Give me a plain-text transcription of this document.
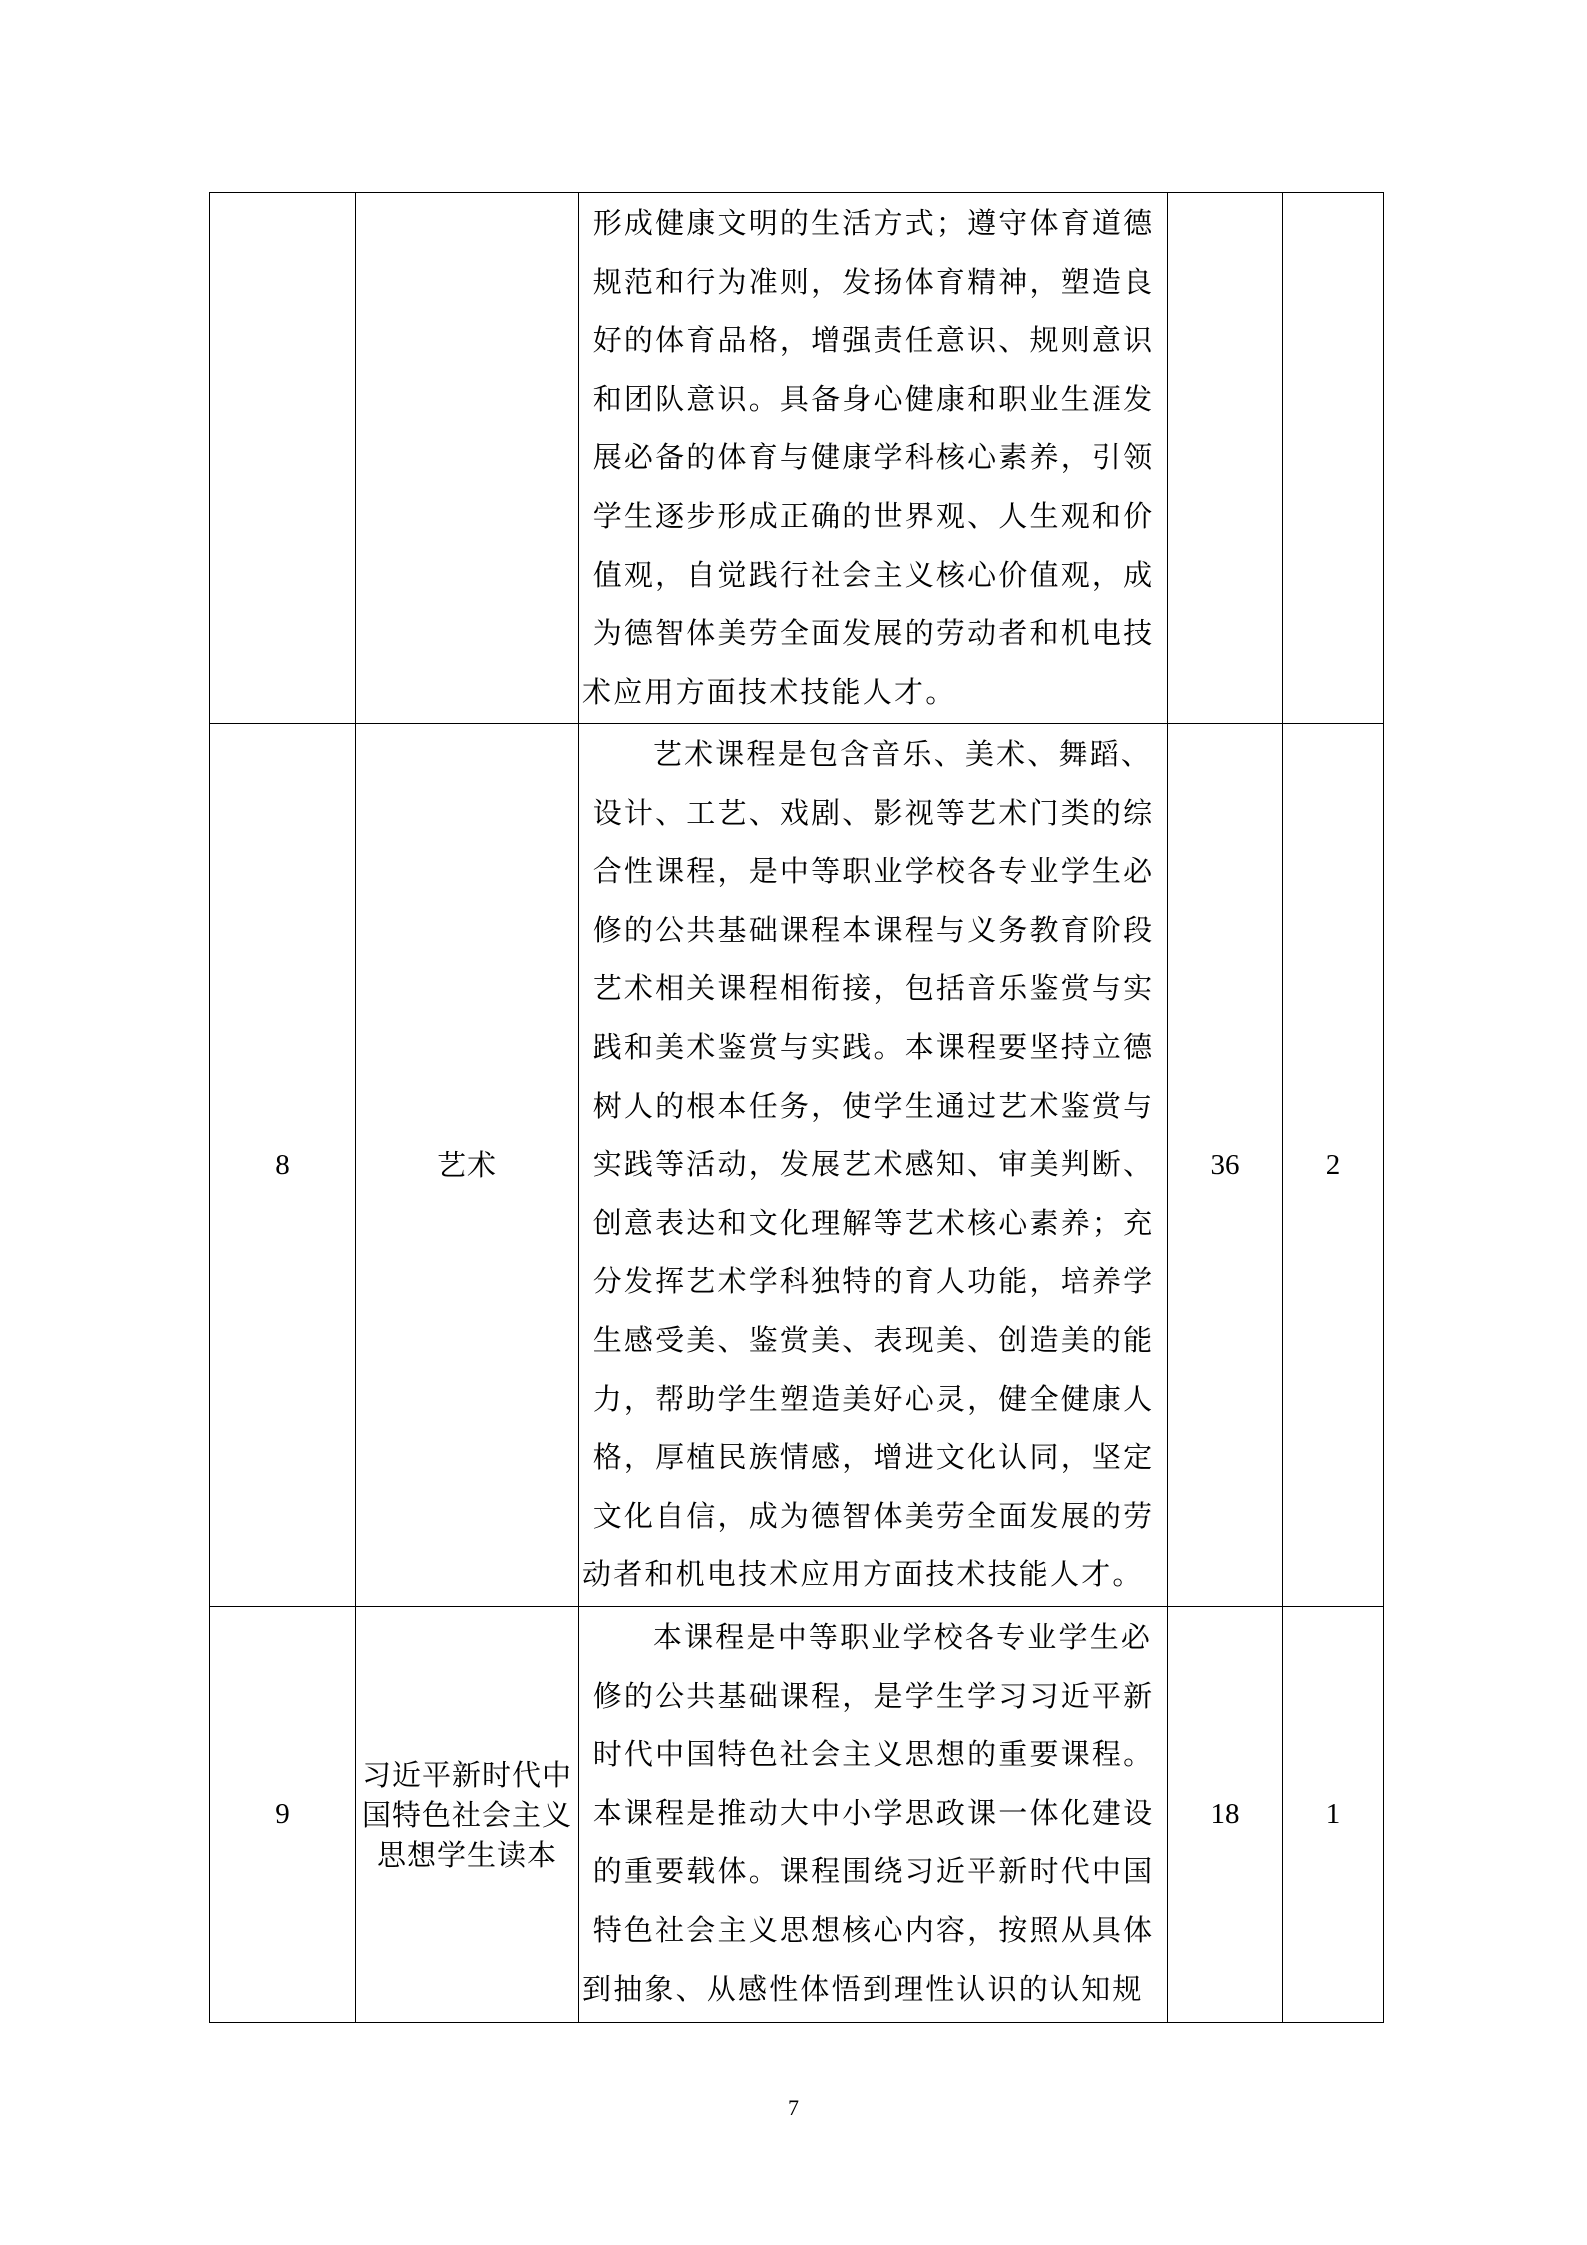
		形成健康文明的生活方式；遵守体育道德规范和行为准则，发扬体育精神，塑造良好的体育品格，增强责任意识、规则意识和团队意识。具备身心健康和职业生涯发展必备的体育与健康学科核心素养，引领学生逐步形成正确的世界观、人生观和价值观，自觉践行社会主义核心价值观，成为德智体美劳全面发展的劳动者和机电技术应用方面技术技能人才。		

8	艺术	艺术课程是包含音乐、美术、舞蹈、设计、工艺、戏剧、影视等艺术门类的综合性课程，是中等职业学校各专业学生必修的公共基础课程本课程与义务教育阶段艺术相关课程相衔接，包括音乐鉴赏与实践和美术鉴赏与实践。本课程要坚持立德树人的根本任务，使学生通过艺术鉴赏与实践等活动，发展艺术感知、审美判断、创意表达和文化理解等艺术核心素养；充分发挥艺术学科独特的育人功能，培养学生感受美、鉴赏美、表现美、创造美的能力，帮助学生塑造美好心灵，健全健康人格，厚植民族情感，增进文化认同，坚定文化自信，成为德智体美劳全面发展的劳动者和机电技术应用方面技术技能人才。	36	2
9	习近平新时代中国特色社会主义思想学生读本	本课程是中等职业学校各专业学生必修的公共基础课程，是学生学习习近平新时代中国特色社会主义思想的重要课程。本课程是推动大中小学思政课一体化建设的重要载体。课程围绕习近平新时代中国特色社会主义思想核心内容，按照从具体到抽象、从感性体悟到理性认识的认知规	18	1
7
